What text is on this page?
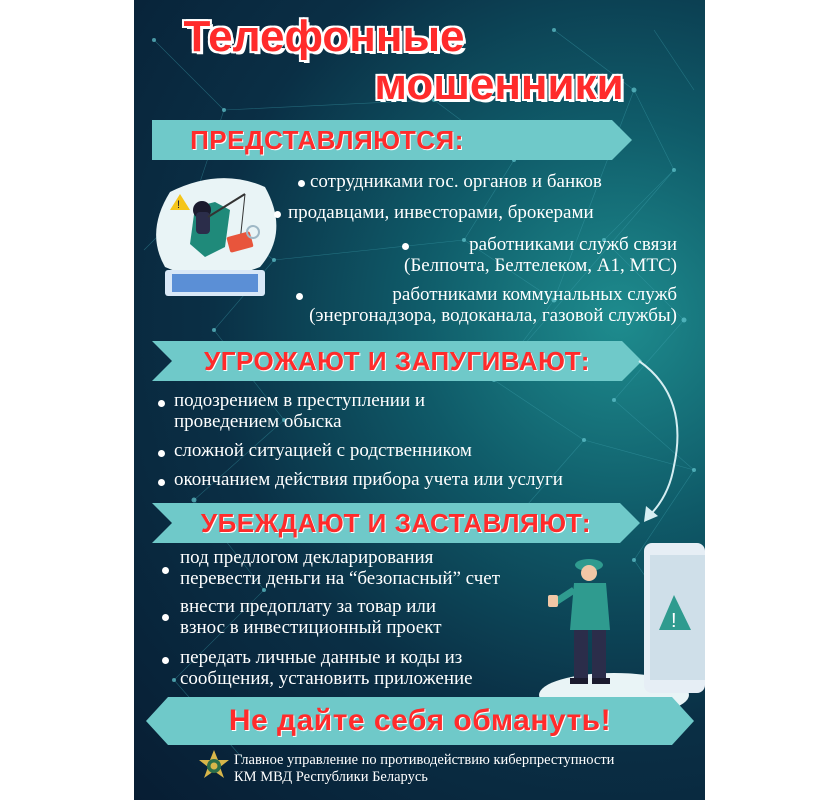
Телефонные
мошенники
ПРЕДСТАВЛЯЮТСЯ:
!
сотрудниками гос. органов и банков
продавцами, инвесторами, брокерами
работниками служб связи
(Белпочта, Белтелеком, А1, МТС)
работниками коммунальных служб
(энергонадзора, водоканала, газовой службы)
УГРОЖАЮТ И ЗАПУГИВАЮТ:
подозрением в преступлении и
проведением обыска
сложной ситуацией с родственником
окончанием действия прибора учета или услуги
УБЕЖДАЮТ И ЗАСТАВЛЯЮТ:
под предлогом декларирования
перевести деньги на “безопасный” счет
внести предоплату за товар или
взнос в инвестиционный проект
передать личные данные и коды из
сообщения, установить приложение
!
Не дайте себя обмануть!
Главное управление по противодействию киберпреступности
КМ МВД Республики Беларусь
